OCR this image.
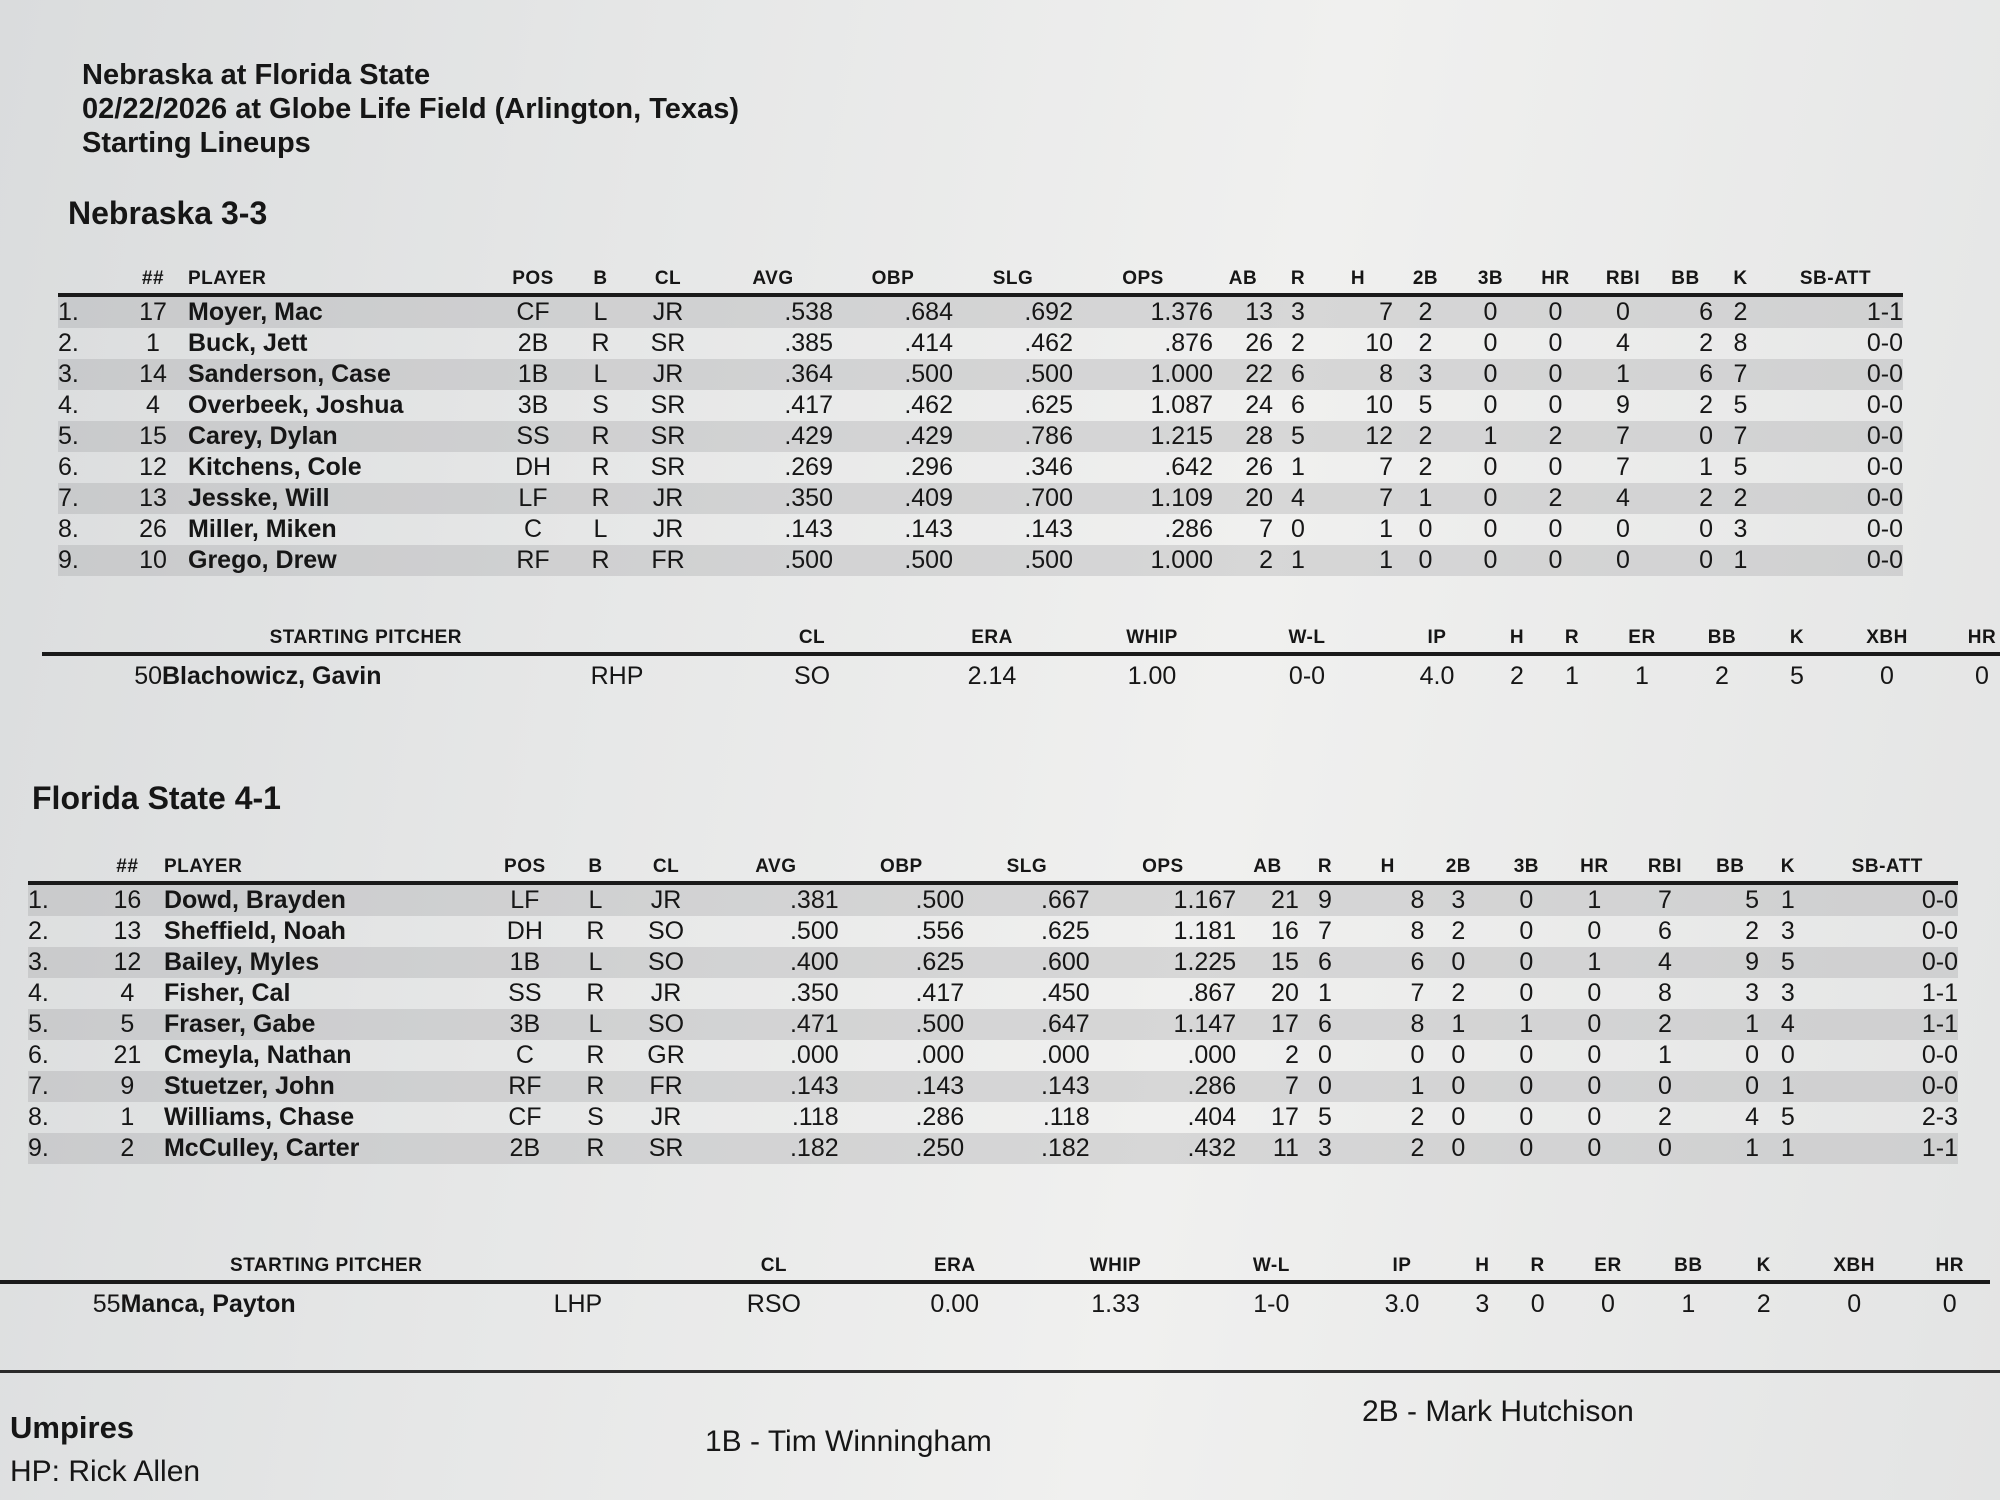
Nebraska at Florida State
02/22/2026 at Globe Life Field (Arlington, Texas)
Starting Lineups
Nebraska 3-3
	##	PLAYER	POS	B	CL	AVG	OBP	SLG	OPS	AB	R	H	2B	3B	HR	RBI	BB	K	SB-ATT
1.	17	Moyer, Mac	CF	L	JR	.538	.684	.692	1.376	13	3	7	2	0	0	0	6	2	1-1
2.	1	Buck, Jett	2B	R	SR	.385	.414	.462	.876	26	2	10	2	0	0	4	2	8	0-0
3.	14	Sanderson, Case	1B	L	JR	.364	.500	.500	1.000	22	6	8	3	0	0	1	6	7	0-0
4.	4	Overbeek, Joshua	3B	S	SR	.417	.462	.625	1.087	24	6	10	5	0	0	9	2	5	0-0
5.	15	Carey, Dylan	SS	R	SR	.429	.429	.786	1.215	28	5	12	2	1	2	7	0	7	0-0
6.	12	Kitchens, Cole	DH	R	SR	.269	.296	.346	.642	26	1	7	2	0	0	7	1	5	0-0
7.	13	Jesske, Will	LF	R	JR	.350	.409	.700	1.109	20	4	7	1	0	2	4	2	2	0-0
8.	26	Miller, Miken	C	L	JR	.143	.143	.143	.286	7	0	1	0	0	0	0	0	3	0-0
9.	10	Grego, Drew	RF	R	FR	.500	.500	.500	1.000	2	1	1	0	0	0	0	0	1	0-0
STARTING PITCHER			CL	ERA	WHIP	W-L	IP	H	R	ER	BB	K	XBH	HR
50	Blachowicz, Gavin	RHP	SO	2.14	1.00	0-0	4.0	2	1	1	2	5	0	0
Florida State 4-1
	##	PLAYER	POS	B	CL	AVG	OBP	SLG	OPS	AB	R	H	2B	3B	HR	RBI	BB	K	SB-ATT
1.	16	Dowd, Brayden	LF	L	JR	.381	.500	.667	1.167	21	9	8	3	0	1	7	5	1	0-0
2.	13	Sheffield, Noah	DH	R	SO	.500	.556	.625	1.181	16	7	8	2	0	0	6	2	3	0-0
3.	12	Bailey, Myles	1B	L	SO	.400	.625	.600	1.225	15	6	6	0	0	1	4	9	5	0-0
4.	4	Fisher, Cal	SS	R	JR	.350	.417	.450	.867	20	1	7	2	0	0	8	3	3	1-1
5.	5	Fraser, Gabe	3B	L	SO	.471	.500	.647	1.147	17	6	8	1	1	0	2	1	4	1-1
6.	21	Cmeyla, Nathan	C	R	GR	.000	.000	.000	.000	2	0	0	0	0	0	1	0	0	0-0
7.	9	Stuetzer, John	RF	R	FR	.143	.143	.143	.286	7	0	1	0	0	0	0	0	1	0-0
8.	1	Williams, Chase	CF	S	JR	.118	.286	.118	.404	17	5	2	0	0	0	2	4	5	2-3
9.	2	McCulley, Carter	2B	R	SR	.182	.250	.182	.432	11	3	2	0	0	0	0	1	1	1-1
STARTING PITCHER			CL	ERA	WHIP	W-L	IP	H	R	ER	BB	K	XBH	HR
55	Manca, Payton	LHP	RSO	0.00	1.33	1-0	3.0	3	0	0	1	2	0	0
Umpires
HP: Rick Allen
1B - Tim Winningham
2B - Mark Hutchison
